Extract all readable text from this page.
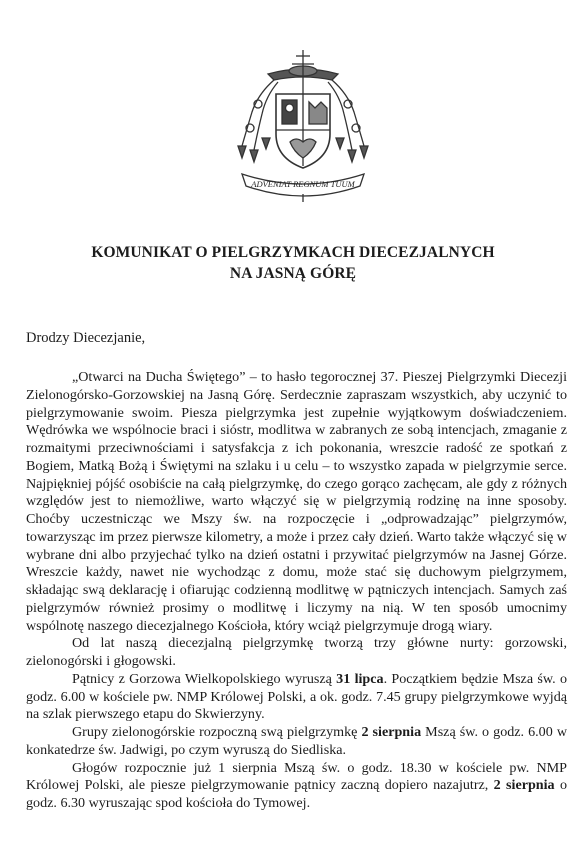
ADVENIAT REGNUM TUUM
KOMUNIKAT O PIELGRZYMKACH DIECEZJALNYCH
NA JASNĄ GÓRĘ

Drodzy Diecezjanie,

„Otwarci na Ducha Świętego” – to hasło tegorocznej 37. Pieszej Pielgrzymki Diecezji Zielonogórsko-Gorzowskiej na Jasną Górę. Serdecznie zapraszam wszystkich, aby uczynić to pielgrzymowanie swoim. Piesza pielgrzymka jest zupełnie wyjątkowym doświadczeniem. Wędrówka we wspólnocie braci i sióstr, modlitwa w zabranych ze sobą intencjach, zmaganie z rozmaitymi przeciwnościami i satysfakcja z ich pokonania, wreszcie radość ze spotkań z Bogiem, Matką Bożą i Świętymi na szlaku i u celu – to wszystko zapada w pielgrzymie serce. Najpiękniej pójść osobiście na całą pielgrzymkę, do czego gorąco zachęcam, ale gdy z różnych względów jest to niemożliwe, warto włączyć się w pielgrzymią rodzinę na inne sposoby. Choćby uczestnicząc we Mszy św. na rozpoczęcie i „odprowadzając” pielgrzymów, towarzysząc im przez pierwsze kilometry, a może i przez cały dzień. Warto także włączyć się w wybrane dni albo przyjechać tylko na dzień ostatni i przywitać pielgrzymów na Jasnej Górze. Wreszcie każdy, nawet nie wychodząc z domu, może stać się duchowym pielgrzymem, składając swą deklarację i ofiarując codzienną modlitwę w pątniczych intencjach. Samych zaś pielgrzymów również prosimy o modlitwę i liczymy na nią. W ten sposób umocnimy wspólnotę naszego diecezjalnego Kościoła, który wciąż pielgrzymuje drogą wiary.

Od lat naszą diecezjalną pielgrzymkę tworzą trzy główne nurty: gorzowski, zielonogórski i głogowski.

Pątnicy z Gorzowa Wielkopolskiego wyruszą 31 lipca. Początkiem będzie Msza św. o godz. 6.00 w kościele pw. NMP Królowej Polski, a ok. godz. 7.45 grupy pielgrzymkowe wyjdą na szlak pierwszego etapu do Skwierzyny.

Grupy zielonogórskie rozpoczną swą pielgrzymkę 2 sierpnia Mszą św. o godz. 6.00 w konkatedrze św. Jadwigi, po czym wyruszą do Siedliska.

Głogów rozpocznie już 1 sierpnia Mszą św. o godz. 18.30 w kościele pw. NMP Królowej Polski, ale piesze pielgrzymowanie pątnicy zaczną dopiero nazajutrz, 2 sierpnia o godz. 6.30 wyruszając spod kościoła do Tymowej.
